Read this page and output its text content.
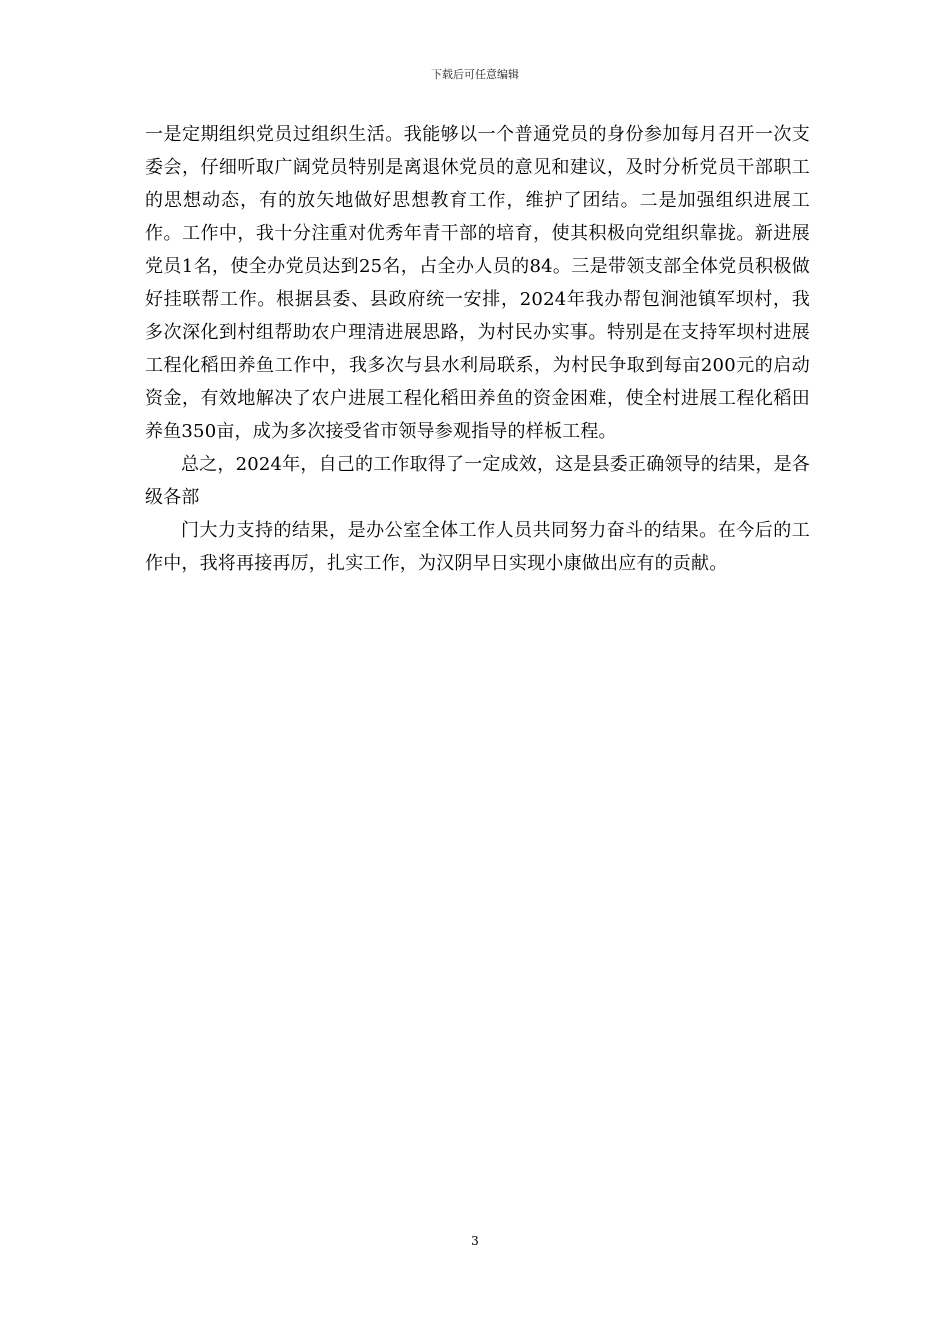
下载后可任意编辑

一是定期组织党员过组织生活。我能够以一个普通党员的身份参加每月召开一次支委会，仔细听取广阔党员特别是离退休党员的意见和建议，及时分析党员干部职工的思想动态，有的放矢地做好思想教育工作，维护了团结。二是加强组织进展工作。工作中，我十分注重对优秀年青干部的培育，使其积极向党组织靠拢。新进展党员1名，使全办党员达到25名，占全办人员的84。三是带领支部全体党员积极做好挂联帮工作。根据县委、县政府统一安排，2024年我办帮包涧池镇军坝村，我多次深化到村组帮助农户理清进展思路，为村民办实事。特别是在支持军坝村进展工程化稻田养鱼工作中，我多次与县水利局联系，为村民争取到每亩200元的启动资金，有效地解决了农户进展工程化稻田养鱼的资金困难，使全村进展工程化稻田养鱼350亩，成为多次接受省市领导参观指导的样板工程。

总之，2024年，自己的工作取得了一定成效，这是县委正确领导的结果，是各级各部

门大力支持的结果，是办公室全体工作人员共同努力奋斗的结果。在今后的工作中，我将再接再厉，扎实工作，为汉阴早日实现小康做出应有的贡献。

3
